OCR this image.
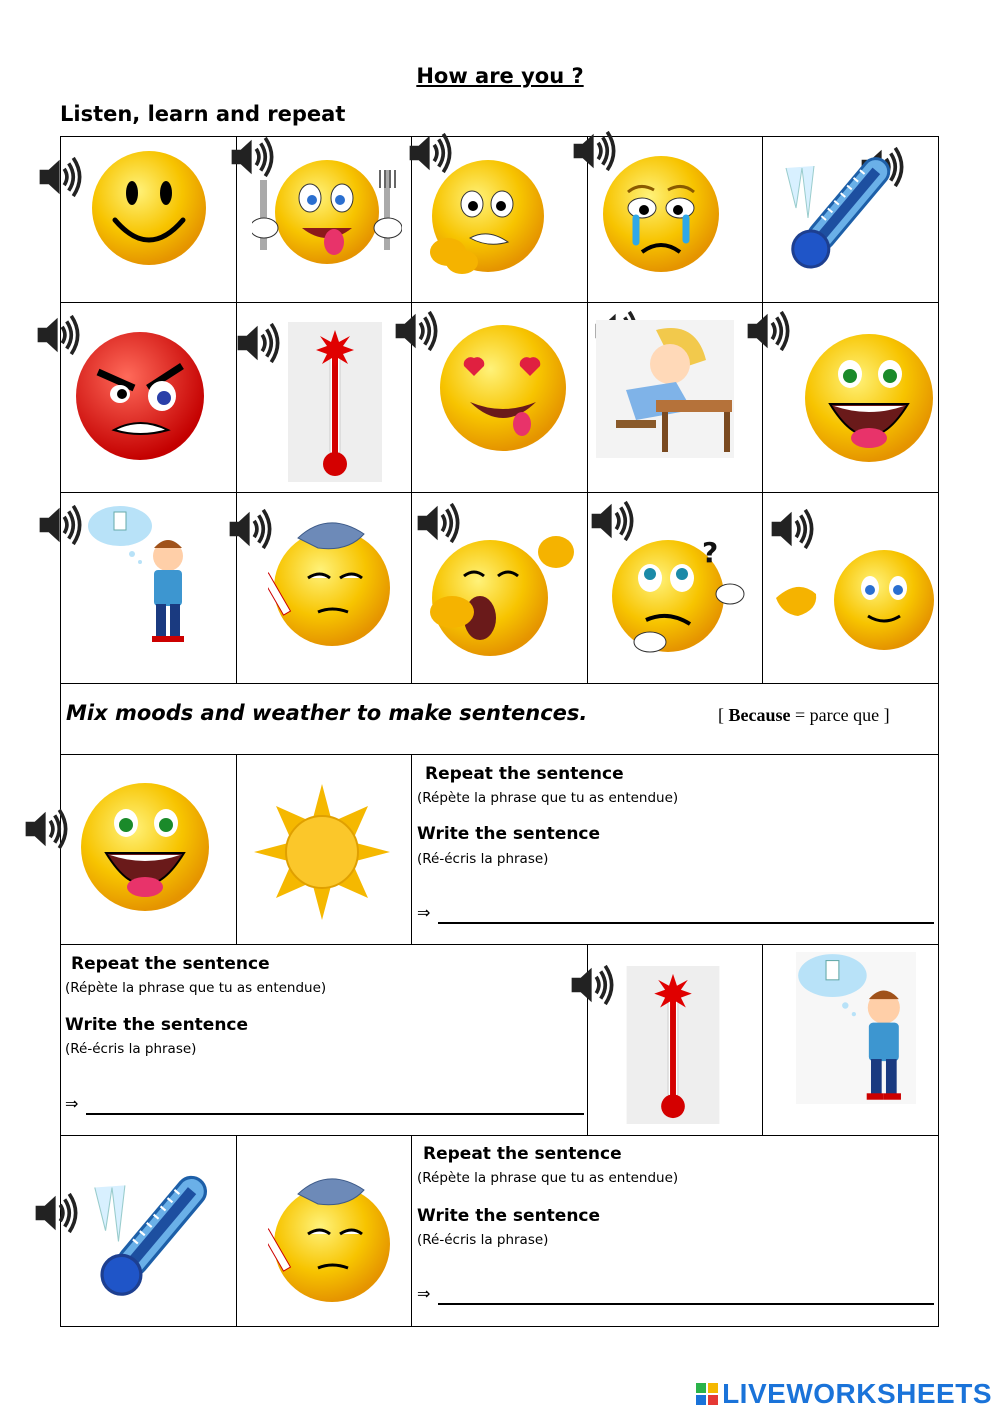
How are you ?
Listen, learn and repeat
?
Mix moods and weather to make sentences.	[ Because = parce que ]
Repeat the sentence
(Répète la phrase que tu as entendue)
Write the sentence
(Ré-écris la phrase)
⇒
Repeat the sentence
(Répète la phrase que tu as entendue)
Write the sentence
(Ré-écris la phrase)
⇒
Repeat the sentence
(Répète la phrase que tu as entendue)
Write the sentence
(Ré-écris la phrase)
⇒
LIVEWORKSHEETS
